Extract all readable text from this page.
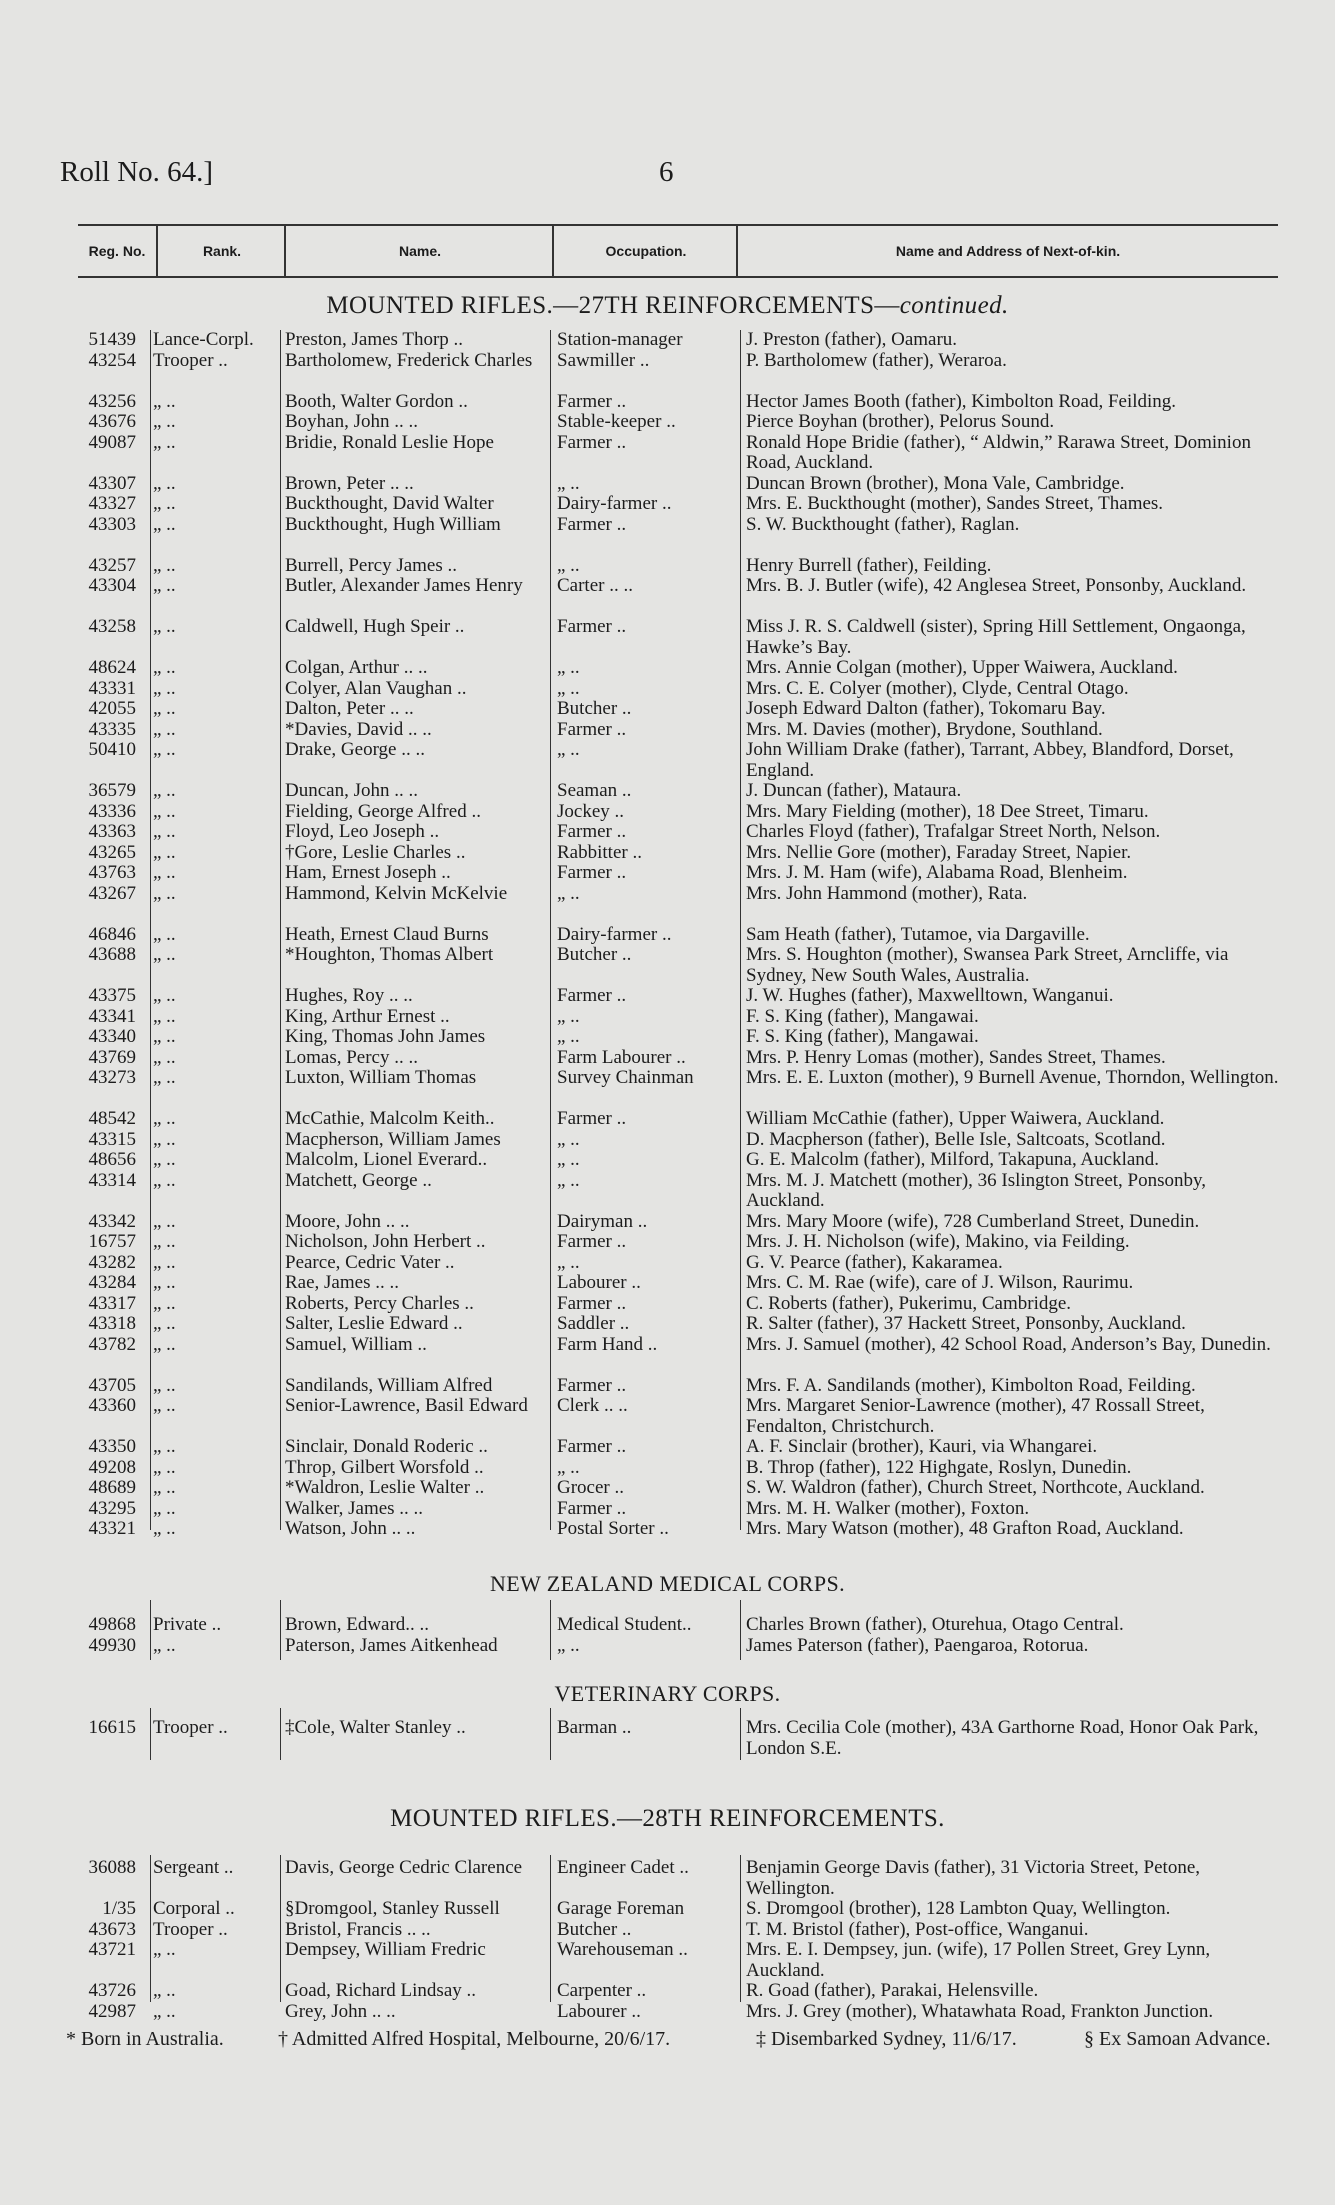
Roll No. 64.]	6
Reg. No.	Rank.	Name.	Occupation.	Name and Address of Next-of-kin.
MOUNTED RIFLES.—27TH REINFORCEMENTS—continued.
NEW ZEALAND MEDICAL CORPS.
VETERINARY CORPS.
MOUNTED RIFLES.—28TH REINFORCEMENTS.
51439 Lance-Corpl.	Preston, James Thorp ..	Station-manager	J. Preston (father), Oamaru.
43254 Trooper ..	Bartholomew, Frederick Charles	Sawmiller ..	P. Bartholomew (father), Weraroa.
43256 „ ..	Booth, Walter Gordon ..	Farmer ..	Hector James Booth (father), Kimbolton Road, Feilding.
43676 „ ..	Boyhan, John .. ..	Stable-keeper ..	Pierce Boyhan (brother), Pelorus Sound.
49087 „ ..	Bridie, Ronald Leslie Hope	Farmer ..	Ronald Hope Bridie (father), “ Aldwin,” Rarawa Street, Dominion Road, Auckland.
43307 „ ..	Brown, Peter .. ..	„ ..	Duncan Brown (brother), Mona Vale, Cambridge.
43327 „ ..	Buckthought, David Walter	Dairy-farmer ..	Mrs. E. Buckthought (mother), Sandes Street, Thames.
43303 „ ..	Buckthought, Hugh William	Farmer ..	S. W. Buckthought (father), Raglan.
43257 „ ..	Burrell, Percy James ..	„ ..	Henry Burrell (father), Feilding.
43304 „ ..	Butler, Alexander James Henry	Carter .. ..	Mrs. B. J. Butler (wife), 42 Anglesea Street, Ponsonby, Auckland.
43258 „ ..	Caldwell, Hugh Speir ..	Farmer ..	Miss J. R. S. Caldwell (sister), Spring Hill Settlement, Ongaonga, Hawke’s Bay.
48624 „ ..	Colgan, Arthur .. ..	„ ..	Mrs. Annie Colgan (mother), Upper Waiwera, Auckland.
43331 „ ..	Colyer, Alan Vaughan ..	„ ..	Mrs. C. E. Colyer (mother), Clyde, Central Otago.
42055 „ ..	Dalton, Peter .. ..	Butcher ..	Joseph Edward Dalton (father), Tokomaru Bay.
43335 „ ..	*Davies, David .. ..	Farmer ..	Mrs. M. Davies (mother), Brydone, Southland.
50410 „ ..	Drake, George .. ..	„ ..	John William Drake (father), Tarrant, Abbey, Blandford, Dorset, England.
36579 „ ..	Duncan, John .. ..	Seaman ..	J. Duncan (father), Mataura.
43336 „ ..	Fielding, George Alfred ..	Jockey ..	Mrs. Mary Fielding (mother), 18 Dee Street, Timaru.
43363 „ ..	Floyd, Leo Joseph ..	Farmer ..	Charles Floyd (father), Trafalgar Street North, Nelson.
43265 „ ..	†Gore, Leslie Charles ..	Rabbitter ..	Mrs. Nellie Gore (mother), Faraday Street, Napier.
43763 „ ..	Ham, Ernest Joseph ..	Farmer ..	Mrs. J. M. Ham (wife), Alabama Road, Blenheim.
43267 „ ..	Hammond, Kelvin McKelvie	„ ..	Mrs. John Hammond (mother), Rata.
46846 „ ..	Heath, Ernest Claud Burns	Dairy-farmer ..	Sam Heath (father), Tutamoe, via Dargaville.
43688 „ ..	*Houghton, Thomas Albert	Butcher ..	Mrs. S. Houghton (mother), Swansea Park Street, Arncliffe, via Sydney, New South Wales, Australia.
43375 „ ..	Hughes, Roy .. ..	Farmer ..	J. W. Hughes (father), Maxwelltown, Wanganui.
43341 „ ..	King, Arthur Ernest ..	„ ..	F. S. King (father), Mangawai.
43340 „ ..	King, Thomas John James	„ ..	F. S. King (father), Mangawai.
43769 „ ..	Lomas, Percy .. ..	Farm Labourer ..	Mrs. P. Henry Lomas (mother), Sandes Street, Thames.
43273 „ ..	Luxton, William Thomas	Survey Chainman	Mrs. E. E. Luxton (mother), 9 Burnell Avenue, Thorndon, Wellington.
48542 „ ..	McCathie, Malcolm Keith..	Farmer ..	William McCathie (father), Upper Waiwera, Auckland.
43315 „ ..	Macpherson, William James	„ ..	D. Macpherson (father), Belle Isle, Saltcoats, Scotland.
48656 „ ..	Malcolm, Lionel Everard..	„ ..	G. E. Malcolm (father), Milford, Takapuna, Auckland.
43314 „ ..	Matchett, George ..	„ ..	Mrs. M. J. Matchett (mother), 36 Islington Street, Ponsonby, Auckland.
43342 „ ..	Moore, John .. ..	Dairyman ..	Mrs. Mary Moore (wife), 728 Cumberland Street, Dunedin.
16757 „ ..	Nicholson, John Herbert ..	Farmer ..	Mrs. J. H. Nicholson (wife), Makino, via Feilding.
43282 „ ..	Pearce, Cedric Vater ..	„ ..	G. V. Pearce (father), Kakaramea.
43284 „ ..	Rae, James .. ..	Labourer ..	Mrs. C. M. Rae (wife), care of J. Wilson, Raurimu.
43317 „ ..	Roberts, Percy Charles ..	Farmer ..	C. Roberts (father), Pukerimu, Cambridge.
43318 „ ..	Salter, Leslie Edward ..	Saddler ..	R. Salter (father), 37 Hackett Street, Ponsonby, Auckland.
43782 „ ..	Samuel, William ..	Farm Hand ..	Mrs. J. Samuel (mother), 42 School Road, Anderson’s Bay, Dunedin.
43705 „ ..	Sandilands, William Alfred	Farmer ..	Mrs. F. A. Sandilands (mother), Kimbolton Road, Feilding.
43360 „ ..	Senior-Lawrence, Basil Edward	Clerk .. ..	Mrs. Margaret Senior-Lawrence (mother), 47 Rossall Street, Fendalton, Christchurch.
43350 „ ..	Sinclair, Donald Roderic ..	Farmer ..	A. F. Sinclair (brother), Kauri, via Whangarei.
49208 „ ..	Throp, Gilbert Worsfold ..	„ ..	B. Throp (father), 122 Highgate, Roslyn, Dunedin.
48689 „ ..	*Waldron, Leslie Walter ..	Grocer ..	S. W. Waldron (father), Church Street, Northcote, Auckland.
43295 „ ..	Walker, James .. ..	Farmer ..	Mrs. M. H. Walker (mother), Foxton.
43321 „ ..	Watson, John .. ..	Postal Sorter ..	Mrs. Mary Watson (mother), 48 Grafton Road, Auckland.
49868 Private ..	Brown, Edward.. ..	Medical Student..	Charles Brown (father), Oturehua, Otago Central.
49930 „ ..	Paterson, James Aitkenhead	„ ..	James Paterson (father), Paengaroa, Rotorua.
16615 Trooper ..	‡Cole, Walter Stanley ..	Barman ..	Mrs. Cecilia Cole (mother), 43A Garthorne Road, Honor Oak Park, London S.E.
36088 Sergeant ..	Davis, George Cedric Clarence	Engineer Cadet ..	Benjamin George Davis (father), 31 Victoria Street, Petone, Wellington.
1/35 Corporal ..	§Dromgool, Stanley Russell	Garage Foreman	S. Dromgool (brother), 128 Lambton Quay, Wellington.
43673 Trooper ..	Bristol, Francis .. ..	Butcher ..	T. M. Bristol (father), Post-office, Wanganui.
43721 „ ..	Dempsey, William Fredric	Warehouseman ..	Mrs. E. I. Dempsey, jun. (wife), 17 Pollen Street, Grey Lynn, Auckland.
43726 „ ..	Goad, Richard Lindsay ..	Carpenter ..	R. Goad (father), Parakai, Helensville.
42987 „ ..	Grey, John .. ..	Labourer ..	Mrs. J. Grey (mother), Whatawhata Road, Frankton Junction.
* Born in Australia.	† Admitted Alfred Hospital, Melbourne, 20/6/17.	‡ Disembarked Sydney, 11/6/17.	§ Ex Samoan Advance.
